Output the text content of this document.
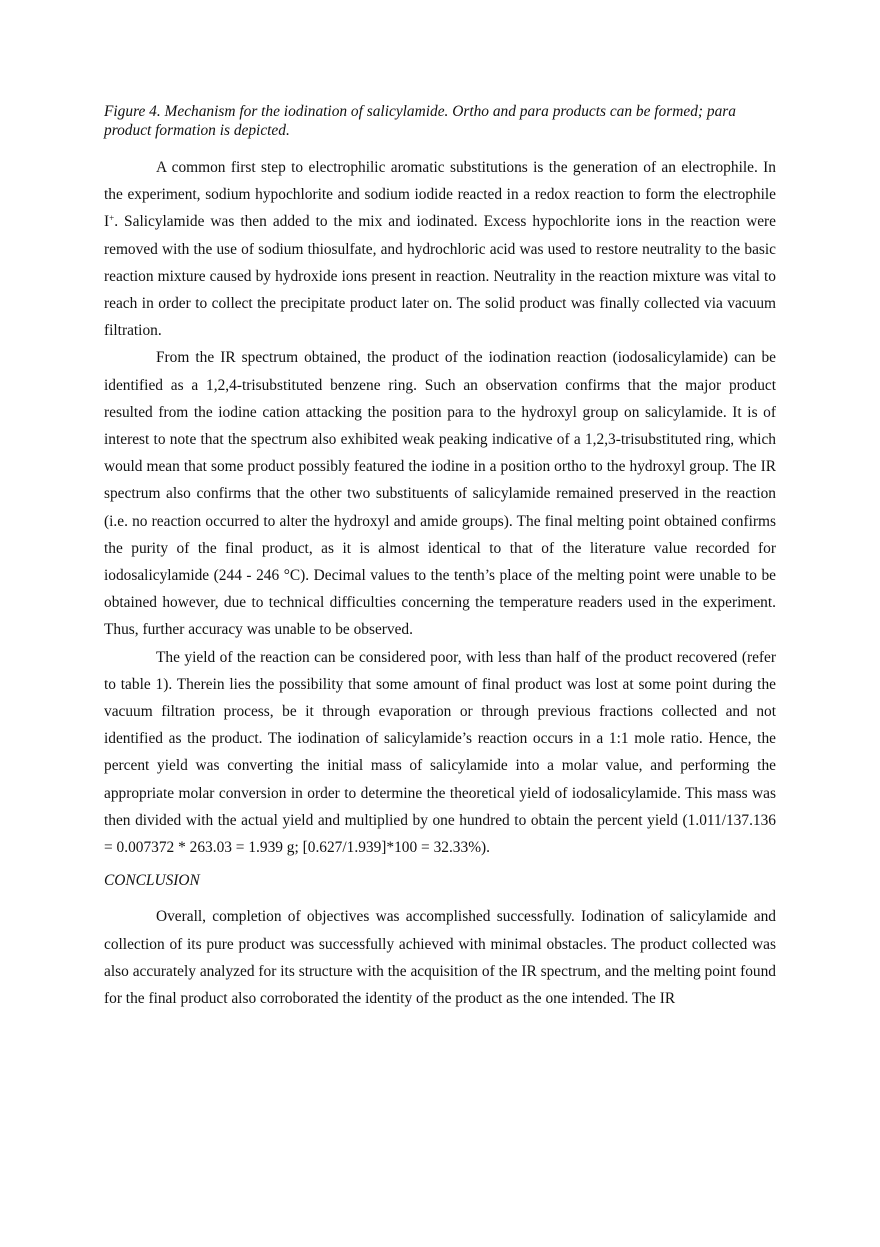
Figure 4. Mechanism for the iodination of salicylamide. Ortho and para products can be formed; para product formation is depicted.

A common first step to electrophilic aromatic substitutions is the generation of an electrophile. In the experiment, sodium hypochlorite and sodium iodide reacted in a redox reaction to form the electrophile I+. Salicylamide was then added to the mix and iodinated. Excess hypochlorite ions in the reaction were removed with the use of sodium thiosulfate, and hydrochloric acid was used to restore neutrality to the basic reaction mixture caused by hydroxide ions present in reaction. Neutrality in the reaction mixture was vital to reach in order to collect the precipitate product later on. The solid product was finally collected via vacuum filtration.

From the IR spectrum obtained, the product of the iodination reaction (iodosalicylamide) can be identified as a 1,2,4-trisubstituted benzene ring. Such an observation confirms that the major product resulted from the iodine cation attacking the position para to the hydroxyl group on salicylamide. It is of interest to note that the spectrum also exhibited weak peaking indicative of a 1,2,3-trisubstituted ring, which would mean that some product possibly featured the iodine in a position ortho to the hydroxyl group. The IR spectrum also confirms that the other two substituents of salicylamide remained preserved in the reaction (i.e. no reaction occurred to alter the hydroxyl and amide groups). The final melting point obtained confirms the purity of the final product, as it is almost identical to that of the literature value recorded for iodosalicylamide (244 - 246 °C). Decimal values to the tenth’s place of the melting point were unable to be obtained however, due to technical difficulties concerning the temperature readers used in the experiment. Thus, further accuracy was unable to be observed.

The yield of the reaction can be considered poor, with less than half of the product recovered (refer to table 1). Therein lies the possibility that some amount of final product was lost at some point during the vacuum filtration process, be it through evaporation or through previous fractions collected and not identified as the product. The iodination of salicylamide’s reaction occurs in a 1:1 mole ratio. Hence, the percent yield was converting the initial mass of salicylamide into a molar value, and performing the appropriate molar conversion in order to determine the theoretical yield of iodosalicylamide. This mass was then divided with the actual yield and multiplied by one hundred to obtain the percent yield (1.011/137.136 = 0.007372 * 263.03 = 1.939 g; [0.627/1.939]*100 = 32.33%).

CONCLUSION

Overall, completion of objectives was accomplished successfully. Iodination of salicylamide and collection of its pure product was successfully achieved with minimal obstacles. The product collected was also accurately analyzed for its structure with the acquisition of the IR spectrum, and the melting point found for the final product also corroborated the identity of the product as the one intended. The IR
